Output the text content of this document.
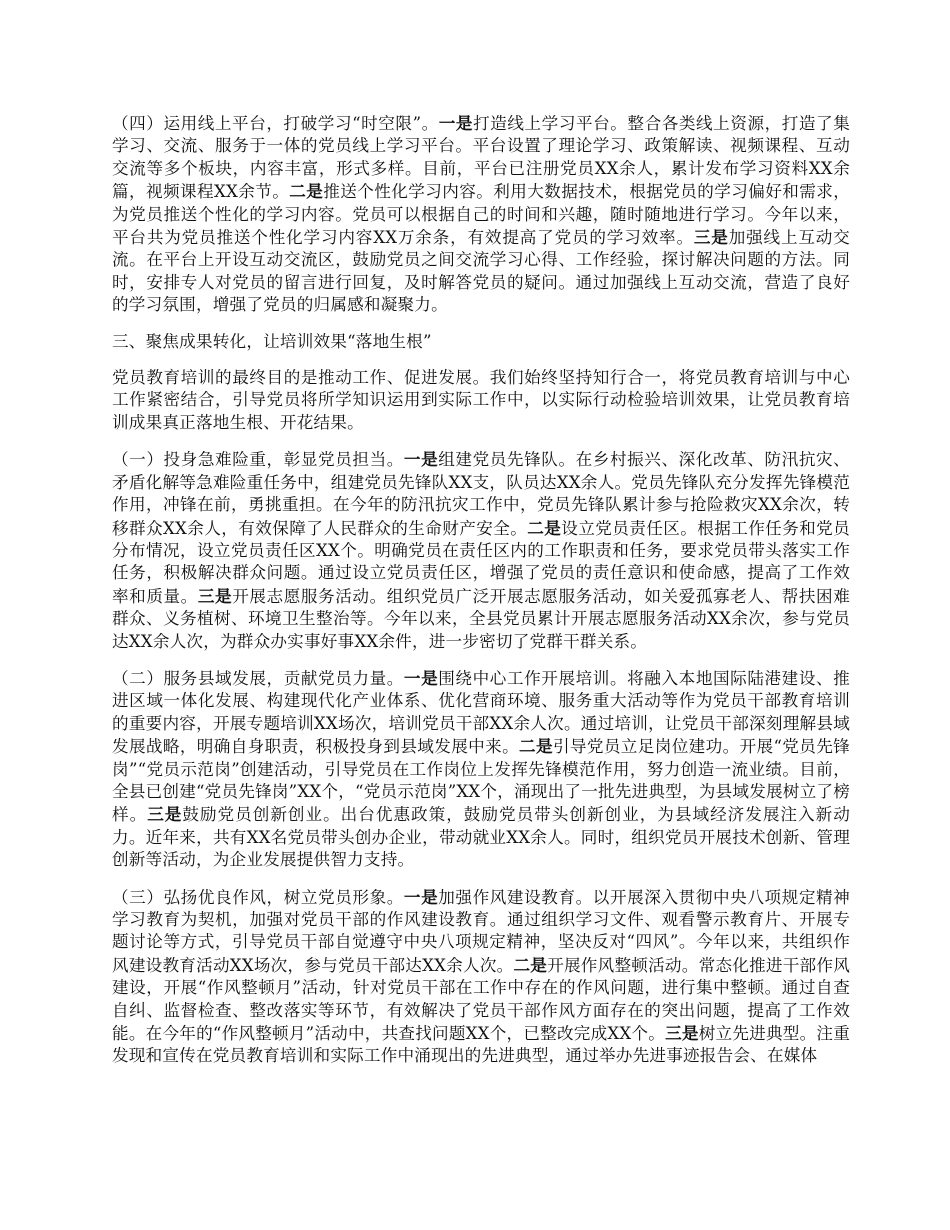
（四）运用线上平台，打破学习“时空限”。一是打造线上学习平台。整合各类线上资源，打造了集学习、交流、服务于一体的党员线上学习平台。平台设置了理论学习、政策解读、视频课程、互动交流等多个板块，内容丰富，形式多样。目前，平台已注册党员XX余人，累计发布学习资料XX余篇，视频课程XX余节。二是推送个性化学习内容。利用大数据技术，根据党员的学习偏好和需求，为党员推送个性化的学习内容。党员可以根据自己的时间和兴趣，随时随地进行学习。今年以来，平台共为党员推送个性化学习内容XX万余条，有效提高了党员的学习效率。三是加强线上互动交流。在平台上开设互动交流区，鼓励党员之间交流学习心得、工作经验，探讨解决问题的方法。同时，安排专人对党员的留言进行回复，及时解答党员的疑问。通过加强线上互动交流，营造了良好的学习氛围，增强了党员的归属感和凝聚力。

三、聚焦成果转化，让培训效果“落地生根”

党员教育培训的最终目的是推动工作、促进发展。我们始终坚持知行合一，将党员教育培训与中心工作紧密结合，引导党员将所学知识运用到实际工作中，以实际行动检验培训效果，让党员教育培训成果真正落地生根、开花结果。

（一）投身急难险重，彰显党员担当。一是组建党员先锋队。在乡村振兴、深化改革、防汛抗灾、矛盾化解等急难险重任务中，组建党员先锋队XX支，队员达XX余人。党员先锋队充分发挥先锋模范作用，冲锋在前，勇挑重担。在今年的防汛抗灾工作中，党员先锋队累计参与抢险救灾XX余次，转移群众XX余人，有效保障了人民群众的生命财产安全。二是设立党员责任区。根据工作任务和党员分布情况，设立党员责任区XX个。明确党员在责任区内的工作职责和任务，要求党员带头落实工作任务，积极解决群众问题。通过设立党员责任区，增强了党员的责任意识和使命感，提高了工作效率和质量。三是开展志愿服务活动。组织党员广泛开展志愿服务活动，如关爱孤寡老人、帮扶困难群众、义务植树、环境卫生整治等。今年以来，全县党员累计开展志愿服务活动XX余次，参与党员达XX余人次，为群众办实事好事XX余件，进一步密切了党群干群关系。

（二）服务县域发展，贡献党员力量。一是围绕中心工作开展培训。将融入本地国际陆港建设、推进区域一体化发展、构建现代化产业体系、优化营商环境、服务重大活动等作为党员干部教育培训的重要内容，开展专题培训XX场次，培训党员干部XX余人次。通过培训，让党员干部深刻理解县域发展战略，明确自身职责，积极投身到县域发展中来。二是引导党员立足岗位建功。开展“党员先锋岗”“党员示范岗”创建活动，引导党员在工作岗位上发挥先锋模范作用，努力创造一流业绩。目前，全县已创建“党员先锋岗”XX个，“党员示范岗”XX个，涌现出了一批先进典型，为县域发展树立了榜样。三是鼓励党员创新创业。出台优惠政策，鼓励党员带头创新创业，为县域经济发展注入新动力。近年来，共有XX名党员带头创办企业，带动就业XX余人。同时，组织党员开展技术创新、管理创新等活动，为企业发展提供智力支持。

（三）弘扬优良作风，树立党员形象。一是加强作风建设教育。以开展深入贯彻中央八项规定精神学习教育为契机，加强对党员干部的作风建设教育。通过组织学习文件、观看警示教育片、开展专题讨论等方式，引导党员干部自觉遵守中央八项规定精神，坚决反对“四风”。今年以来，共组织作风建设教育活动XX场次，参与党员干部达XX余人次。二是开展作风整顿活动。常态化推进干部作风建设，开展“作风整顿月”活动，针对党员干部在工作中存在的作风问题，进行集中整顿。通过自查自纠、监督检查、整改落实等环节，有效解决了党员干部作风方面存在的突出问题，提高了工作效能。在今年的“作风整顿月”活动中，共查找问题XX个，已整改完成XX个。三是树立先进典型。注重发现和宣传在党员教育培训和实际工作中涌现出的先进典型，通过举办先进事迹报告会、在媒体
